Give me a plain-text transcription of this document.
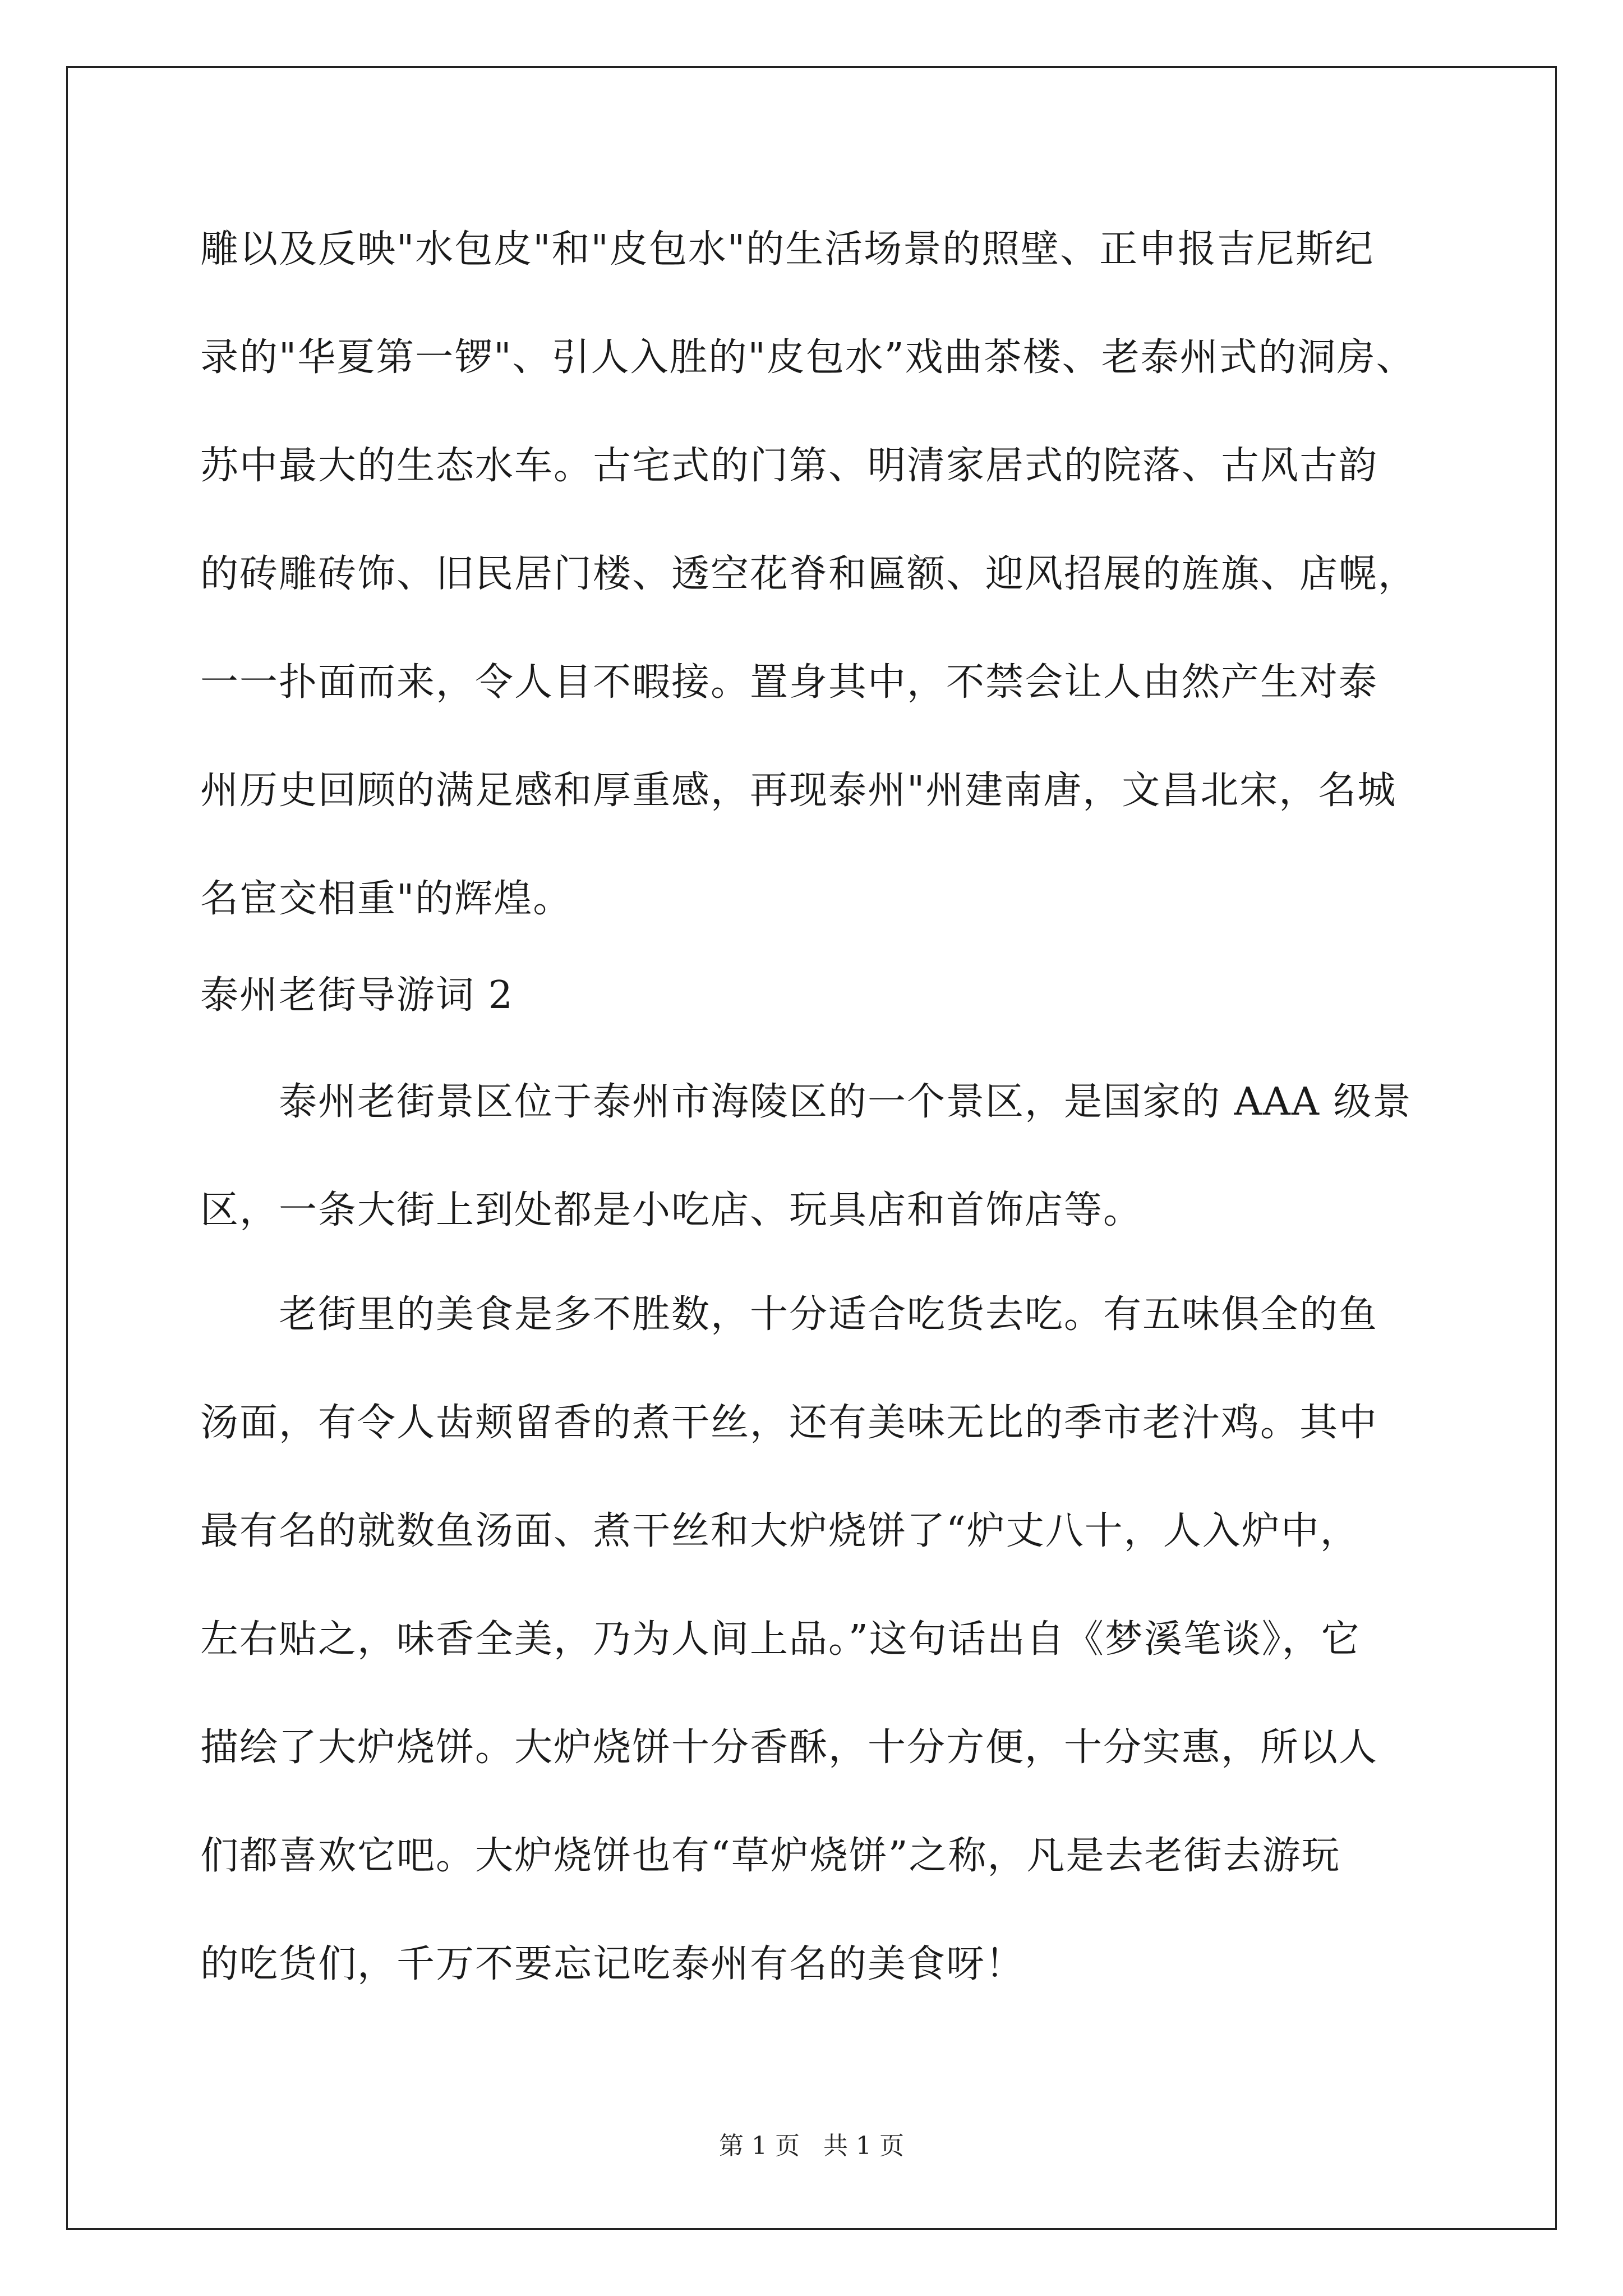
雕以及反映"水包皮"和"皮包水"的生活场景的照壁、正申报吉尼斯纪
录的"华夏第一锣"、引人入胜的"皮包水”戏曲茶楼、老泰州式的洞房、
苏中最大的生态水车。古宅式的门第、明清家居式的院落、古风古韵
的砖雕砖饰、旧民居门楼、透空花脊和匾额、迎风招展的旌旗、店幌，
一一扑面而来，令人目不暇接。置身其中，不禁会让人由然产生对泰
州历史回顾的满足感和厚重感，再现泰州"州建南唐，文昌北宋，名城
名宦交相重"的辉煌。
泰州老街导游词 2
泰州老街景区位于泰州市海陵区的一个景区，是国家的 AAA 级景
区，一条大街上到处都是小吃店、玩具店和首饰店等。
老街里的美食是多不胜数，十分适合吃货去吃。有五味俱全的鱼
汤面，有令人齿颊留香的煮干丝，还有美味无比的季市老汁鸡。其中
最有名的就数鱼汤面、煮干丝和大炉烧饼了“炉丈八十，人入炉中，
左右贴之，味香全美，乃为人间上品。”这句话出自《梦溪笔谈》，它
描绘了大炉烧饼。大炉烧饼十分香酥，十分方便，十分实惠，所以人
们都喜欢它吧。大炉烧饼也有“草炉烧饼”之称，凡是去老街去游玩
的吃货们，千万不要忘记吃泰州有名的美食呀！
第 1 页 共 1 页
